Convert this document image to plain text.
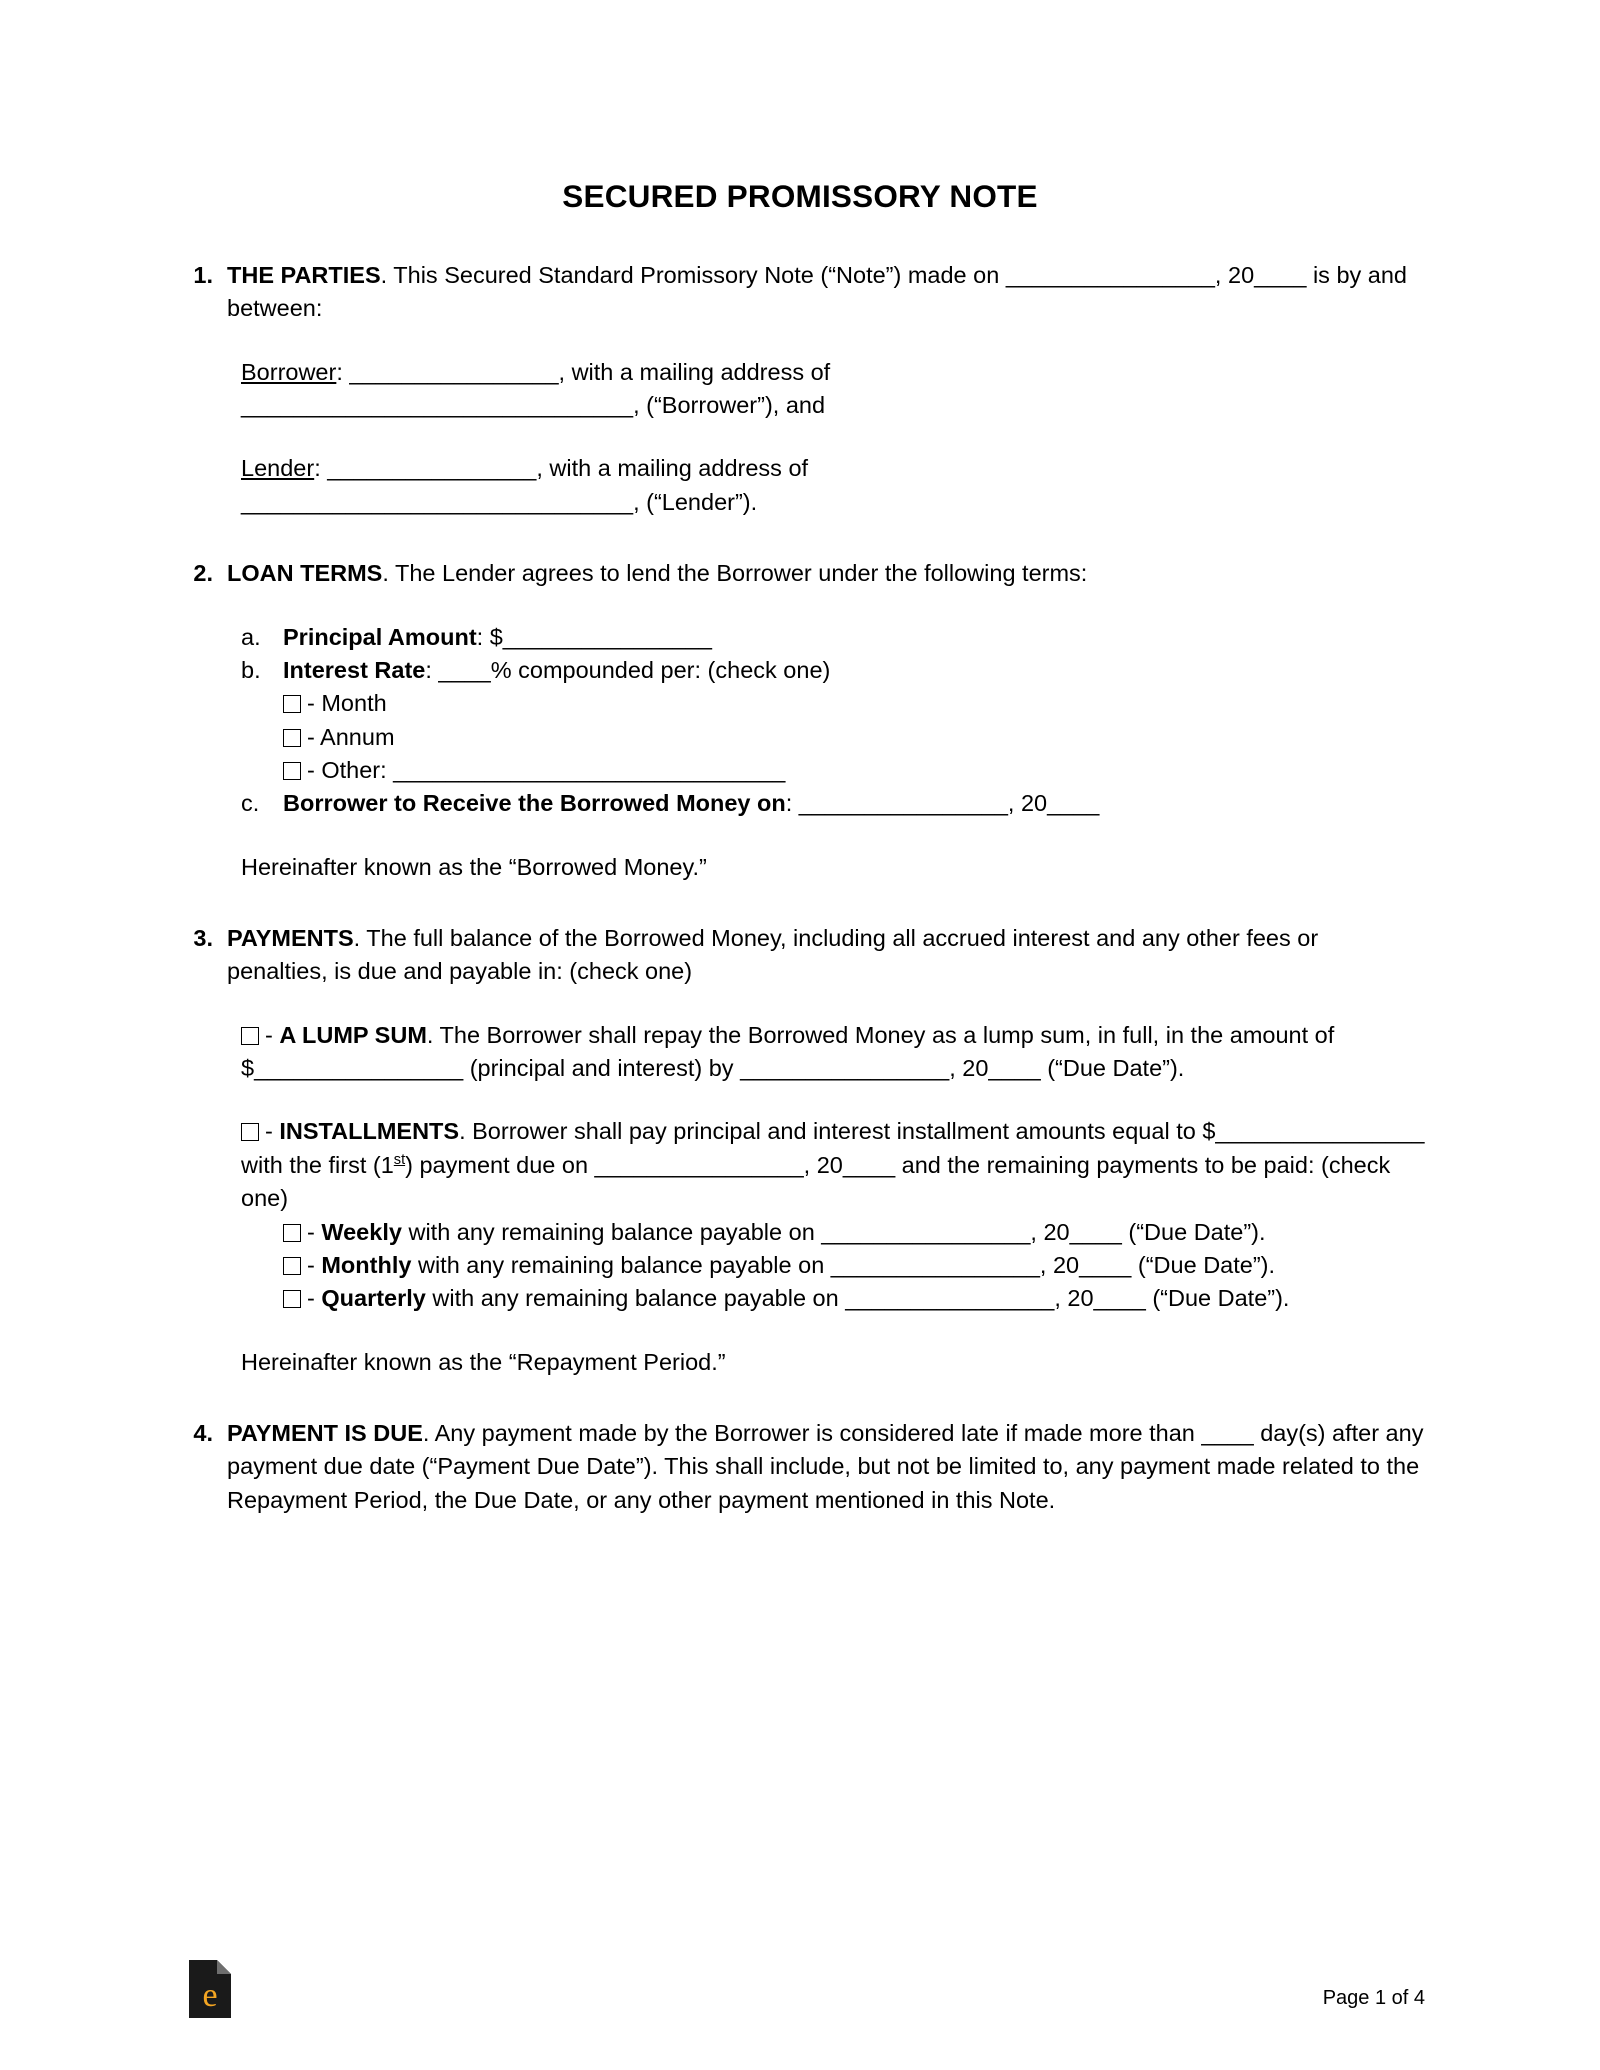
SECURED PROMISSORY NOTE
1. THE PARTIES. This Secured Standard Promissory Note (“Note”) made on ________________, 20____ is by and between:

Borrower: ________________, with a mailing address of

______________________________, (“Borrower”), and

Lender: ________________, with a mailing address of

______________________________, (“Lender”).

2. LOAN TERMS. The Lender agrees to lend the Borrower under the following terms:

a. Principal Amount: $________________
b. Interest Rate: ____% compounded per: (check one)
- Month
- Annum
- Other: ______________________________
c.	Borrower to Receive the Borrowed Money on: ________________, 20____
Hereinafter known as the “Borrowed Money.”
3. PAYMENTS. The full balance of the Borrowed Money, including all accrued interest and any other fees or penalties, is due and payable in: (check one)

- A LUMP SUM. The Borrower shall repay the Borrowed Money as a lump sum, in full, in the amount of $________________ (principal and interest) by ________________, 20____ (“Due Date”).

- INSTALLMENTS. Borrower shall pay principal and interest installment amounts equal to $________________ with the first (1st) payment due on ________________, 20____ and the remaining payments to be paid: (check one)

- Weekly with any remaining balance payable on ________________, 20____ (“Due Date”).

- Monthly with any remaining balance payable on ________________, 20____ (“Due Date”).

- Quarterly with any remaining balance payable on ________________, 20____ (“Due Date”).

Hereinafter known as the “Repayment Period.”
4. PAYMENT IS DUE. Any payment made by the Borrower is considered late if made more than ____ day(s) after any payment due date (“Payment Due Date”). This shall include, but not be limited to, any payment made related to the Repayment Period, the Due Date, or any other payment mentioned in this Note.

e	Page 1 of 4
